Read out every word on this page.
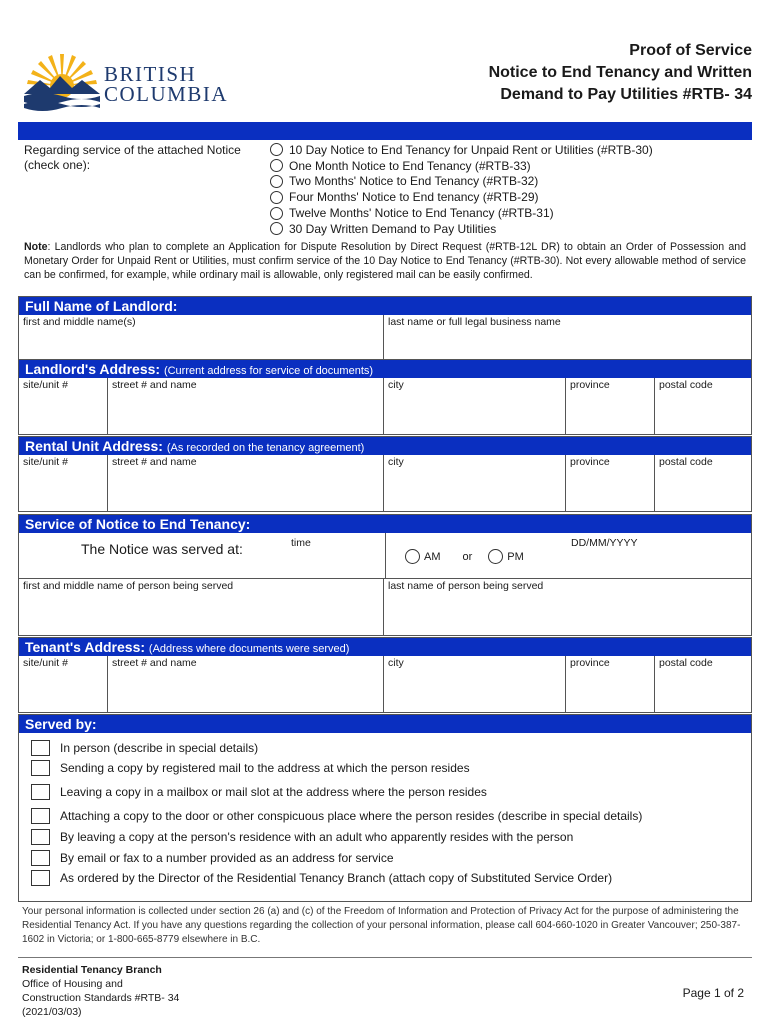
BRITISH
COLUMBIA
Proof of Service
Notice to End Tenancy and Written
Demand to Pay Utilities #RTB- 34
Regarding service of the attached Notice (check one):
10 Day Notice to End Tenancy for Unpaid Rent or Utilities (#RTB-30)
One Month Notice to End Tenancy (#RTB-33)
Two Months' Notice to End Tenancy (#RTB-32)
Four Months' Notice to End tenancy (#RTB-29)
Twelve Months' Notice to End Tenancy (#RTB-31)
30 Day Written Demand to Pay Utilities
Note: Landlords who plan to complete an Application for Dispute Resolution by Direct Request (#RTB-12L DR) to obtain an Order of Possession and Monetary Order for Unpaid Rent or Utilities, must confirm service of the 10 Day Notice to End Tenancy (#RTB-30). Not every allowable method of service can be confirmed, for example, while ordinary mail is allowable, only registered mail can be easily confirmed.
Full Name of Landlord:
first and middle name(s)	last name or full legal business name
Landlord's Address: (Current address for service of documents)
site/unit #	street # and name	city	province	postal code
Rental Unit Address: (As recorded on the tenancy agreement)
site/unit #	street # and name	city	province	postal code
Service of Notice to End Tenancy:
The Notice was served at:	time
AM or	PM
DD/MM/YYYY
first and middle name of person being served	last name of person being served
Tenant's Address: (Address where documents were served)
site/unit #	street # and name	city	province	postal code
Served by:
In person (describe in special details)
Sending a copy by registered mail to the address at which the person resides
Leaving a copy in a mailbox or mail slot at the address where the person resides
Attaching a copy to the door or other conspicuous place where the person resides (describe in special details)
By leaving a copy at the person's residence with an adult who apparently resides with the person
By email or fax to a number provided as an address for service
As ordered by the Director of the Residential Tenancy Branch (attach copy of Substituted Service Order)
Your personal information is collected under section 26 (a) and (c) of the Freedom of Information and Protection of Privacy Act for the purpose of administering the Residential Tenancy Act. If you have any questions regarding the collection of your personal information, please call 604-660-1020 in Greater Vancouver; 250-387-1602 in Victoria; or 1-800-665-8779 elsewhere in B.C.
Residential Tenancy Branch
Office of Housing and
Construction Standards #RTB- 34
(2021/03/03)
Page 1 of 2
